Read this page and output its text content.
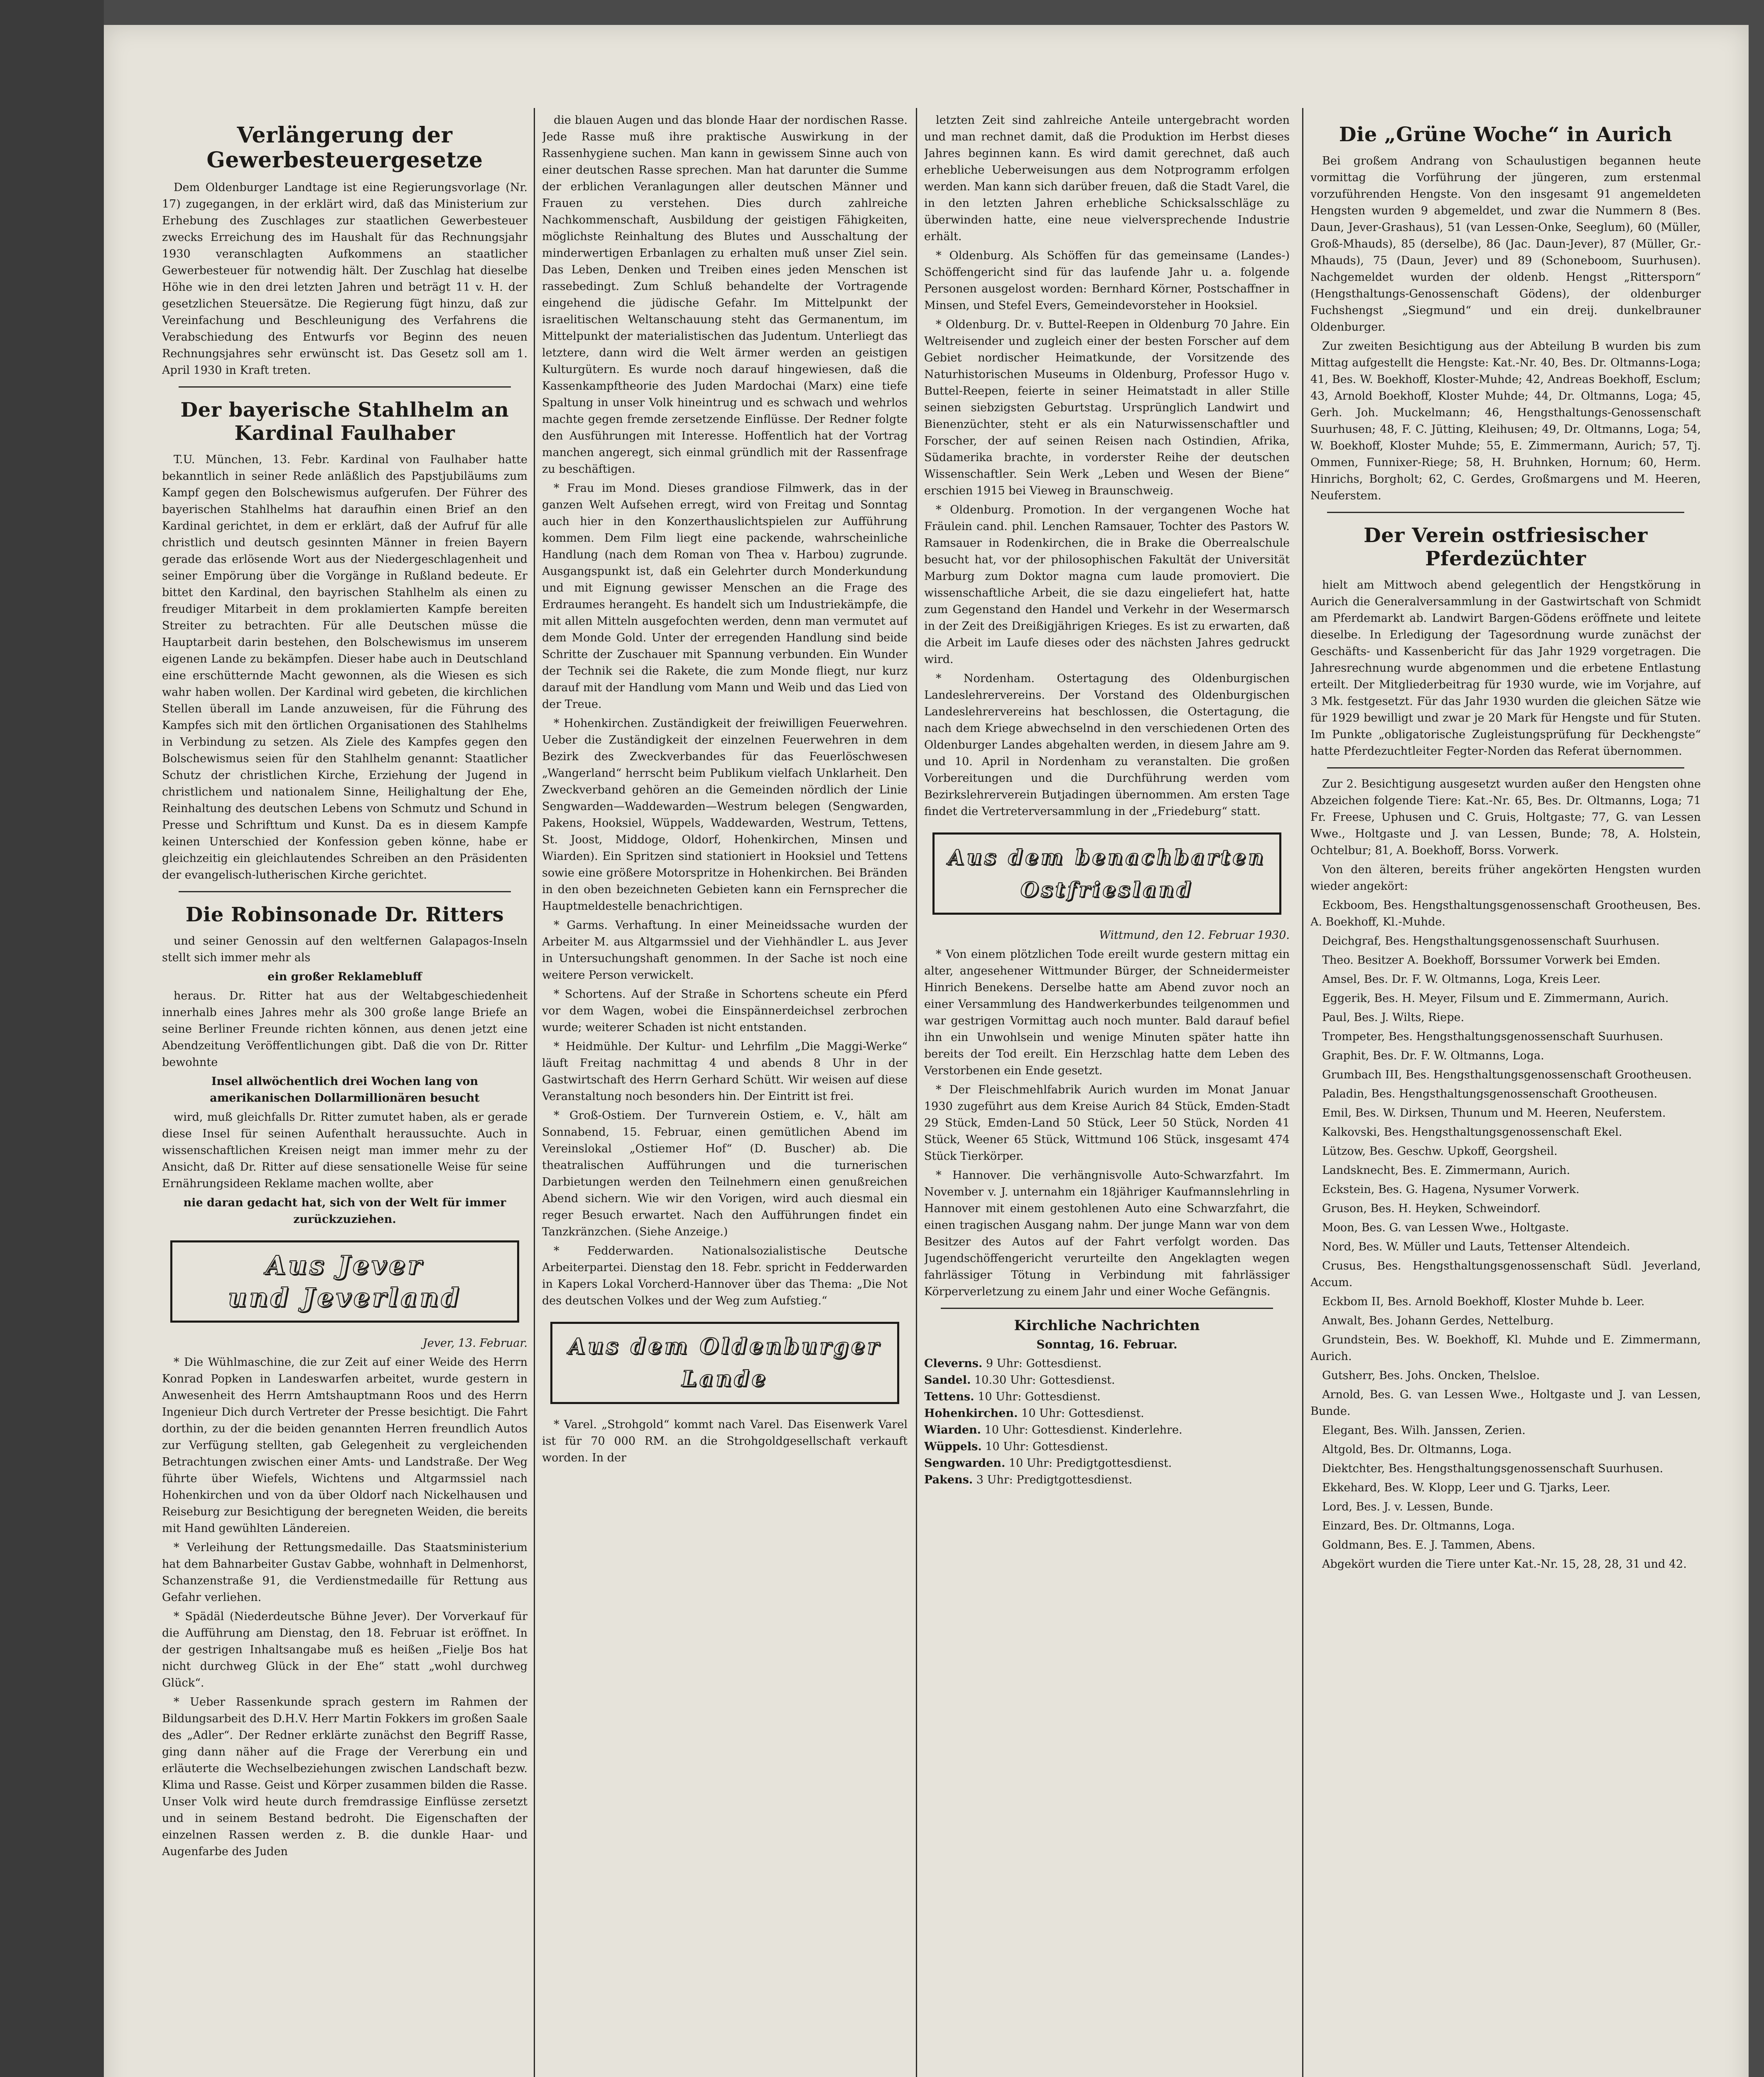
Verlängerung der Gewerbesteuergesetze

Dem Oldenburger Landtage ist eine Regierungsvorlage (Nr. 17) zugegangen, in der erklärt wird, daß das Ministerium zur Erhebung des Zuschlages zur staatlichen Gewerbesteuer zwecks Erreichung des im Haushalt für das Rechnungsjahr 1930 veranschlagten Aufkommens an staatlicher Gewerbesteuer für notwendig hält. Der Zuschlag hat dieselbe Höhe wie in den drei letzten Jahren und beträgt 11 v. H. der gesetzlichen Steuersätze. Die Regierung fügt hinzu, daß zur Vereinfachung und Beschleunigung des Verfahrens die Verabschiedung des Entwurfs vor Beginn des neuen Rechnungsjahres sehr erwünscht ist. Das Gesetz soll am 1. April 1930 in Kraft treten.

Der bayerische Stahlhelm an Kardinal Faulhaber

T.U. München, 13. Febr. Kardinal von Faulhaber hatte bekanntlich in seiner Rede anläßlich des Papstjubiläums zum Kampf gegen den Bolschewismus aufgerufen. Der Führer des bayerischen Stahlhelms hat daraufhin einen Brief an den Kardinal gerichtet, in dem er erklärt, daß der Aufruf für alle christlich und deutsch gesinnten Männer in freien Bayern gerade das erlösende Wort aus der Niedergeschlagenheit und seiner Empörung über die Vorgänge in Rußland bedeute. Er bittet den Kardinal, den bayrischen Stahlhelm als einen zu freudiger Mitarbeit in dem proklamierten Kampfe bereiten Streiter zu betrachten. Für alle Deutschen müsse die Hauptarbeit darin bestehen, den Bolschewismus im unserem eigenen Lande zu bekämpfen. Dieser habe auch in Deutschland eine erschütternde Macht gewonnen, als die Wiesen es sich wahr haben wollen. Der Kardinal wird gebeten, die kirchlichen Stellen überall im Lande anzuweisen, für die Führung des Kampfes sich mit den örtlichen Organisationen des Stahlhelms in Verbindung zu setzen. Als Ziele des Kampfes gegen den Bolschewismus seien für den Stahlhelm genannt: Staatlicher Schutz der christlichen Kirche, Erziehung der Jugend in christlichem und nationalem Sinne, Heilighaltung der Ehe, Reinhaltung des deutschen Lebens von Schmutz und Schund in Presse und Schrifttum und Kunst. Da es in diesem Kampfe keinen Unterschied der Konfession geben könne, habe er gleichzeitig ein gleichlautendes Schreiben an den Präsidenten der evangelisch-lutherischen Kirche gerichtet.

Die Robinsonade Dr. Ritters

und seiner Genossin auf den weltfernen Galapagos-Inseln stellt sich immer mehr als

ein großer Reklamebluff

heraus. Dr. Ritter hat aus der Weltabgeschiedenheit innerhalb eines Jahres mehr als 300 große lange Briefe an seine Berliner Freunde richten können, aus denen jetzt eine Abendzeitung Veröffentlichungen gibt. Daß die von Dr. Ritter bewohnte

Insel allwöchentlich drei Wochen lang von amerikanischen Dollarmillionären besucht

wird, muß gleichfalls Dr. Ritter zumutet haben, als er gerade diese Insel für seinen Aufenthalt heraussuchte. Auch in wissenschaftlichen Kreisen neigt man immer mehr zu der Ansicht, daß Dr. Ritter auf diese sensationelle Weise für seine Ernährungsideen Reklame machen wollte, aber

nie daran gedacht hat, sich von der Welt für immer zurückzuziehen.

Aus Jever
und Jeverland

Jever, 13. Februar.

* Die Wühlmaschine, die zur Zeit auf einer Weide des Herrn Konrad Popken in Landeswarfen arbeitet, wurde gestern in Anwesenheit des Herrn Amtshauptmann Roos und des Herrn Ingenieur Dich durch Vertreter der Presse besichtigt. Die Fahrt dorthin, zu der die beiden genannten Herren freundlich Autos zur Verfügung stellten, gab Gelegenheit zu vergleichenden Betrachtungen zwischen einer Amts- und Landstraße. Der Weg führte über Wiefels, Wichtens und Altgarmssiel nach Hohenkirchen und von da über Oldorf nach Nickelhausen und Reiseburg zur Besichtigung der beregneten Weiden, die bereits mit Hand gewühlten Ländereien.

* Verleihung der Rettungsmedaille. Das Staatsministerium hat dem Bahnarbeiter Gustav Gabbe, wohnhaft in Delmenhorst, Schanzenstraße 91, die Verdienstmedaille für Rettung aus Gefahr verliehen.

* Spädäl (Niederdeutsche Bühne Jever). Der Vorverkauf für die Aufführung am Dienstag, den 18. Februar ist eröffnet. In der gestrigen Inhaltsangabe muß es heißen „Fielje Bos hat nicht durchweg Glück in der Ehe“ statt „wohl durchweg Glück“.

* Ueber Rassenkunde sprach gestern im Rahmen der Bildungsarbeit des D.H.V. Herr Martin Fokkers im großen Saale des „Adler“. Der Redner erklärte zunächst den Begriff Rasse, ging dann näher auf die Frage der Vererbung ein und erläuterte die Wechselbeziehungen zwischen Landschaft bezw. Klima und Rasse. Geist und Körper zusammen bilden die Rasse. Unser Volk wird heute durch fremdrassige Einflüsse zersetzt und in seinem Bestand bedroht. Die Eigenschaften der einzelnen Rassen werden z. B. die dunkle Haar- und Augenfarbe des Juden

die blauen Augen und das blonde Haar der nordischen Rasse. Jede Rasse muß ihre praktische Auswirkung in der Rassenhygiene suchen. Man kann in gewissem Sinne auch von einer deutschen Rasse sprechen. Man hat darunter die Summe der erblichen Veranlagungen aller deutschen Männer und Frauen zu verstehen. Dies durch zahlreiche Nachkommenschaft, Ausbildung der geistigen Fähigkeiten, möglichste Reinhaltung des Blutes und Ausschaltung der minderwertigen Erbanlagen zu erhalten muß unser Ziel sein. Das Leben, Denken und Treiben eines jeden Menschen ist rassebedingt. Zum Schluß behandelte der Vortragende eingehend die jüdische Gefahr. Im Mittelpunkt der israelitischen Weltanschauung steht das Germanentum, im Mittelpunkt der materialistischen das Judentum. Unterliegt das letztere, dann wird die Welt ärmer werden an geistigen Kulturgütern. Es wurde noch darauf hingewiesen, daß die Kassenkampftheorie des Juden Mardochai (Marx) eine tiefe Spaltung in unser Volk hineintrug und es schwach und wehrlos machte gegen fremde zersetzende Einflüsse. Der Redner folgte den Ausführungen mit Interesse. Hoffentlich hat der Vortrag manchen angeregt, sich einmal gründlich mit der Rassenfrage zu beschäftigen.

* Frau im Mond. Dieses grandiose Filmwerk, das in der ganzen Welt Aufsehen erregt, wird von Freitag und Sonntag auch hier in den Konzerthauslichtspielen zur Aufführung kommen. Dem Film liegt eine packende, wahrscheinliche Handlung (nach dem Roman von Thea v. Harbou) zugrunde. Ausgangspunkt ist, daß ein Gelehrter durch Monderkundung und mit Eignung gewisser Menschen an die Frage des Erdraumes herangeht. Es handelt sich um Industriekämpfe, die mit allen Mitteln ausgefochten werden, denn man vermutet auf dem Monde Gold. Unter der erregenden Handlung sind beide Schritte der Zuschauer mit Spannung verbunden. Ein Wunder der Technik sei die Rakete, die zum Monde fliegt, nur kurz darauf mit der Handlung vom Mann und Weib und das Lied von der Treue.

* Hohenkirchen. Zuständigkeit der freiwilligen Feuerwehren. Ueber die Zuständigkeit der einzelnen Feuerwehren in dem Bezirk des Zweckverbandes für das Feuerlöschwesen „Wangerland“ herrscht beim Publikum vielfach Unklarheit. Den Zweckverband gehören an die Gemeinden nördlich der Linie Sengwarden—Waddewarden—Westrum belegen (Sengwarden, Pakens, Hooksiel, Wüppels, Waddewarden, Westrum, Tettens, St. Joost, Middoge, Oldorf, Hohenkirchen, Minsen und Wiarden). Ein Spritzen sind stationiert in Hooksiel und Tettens sowie eine größere Motorspritze in Hohenkirchen. Bei Bränden in den oben bezeichneten Gebieten kann ein Fernsprecher die Hauptmeldestelle benachrichtigen.

* Garms. Verhaftung. In einer Meineidssache wurden der Arbeiter M. aus Altgarmssiel und der Viehhändler L. aus Jever in Untersuchungshaft genommen. In der Sache ist noch eine weitere Person verwickelt.

* Schortens. Auf der Straße in Schortens scheute ein Pferd vor dem Wagen, wobei die Einspännerdeichsel zerbrochen wurde; weiterer Schaden ist nicht entstanden.

* Heidmühle. Der Kultur- und Lehrfilm „Die Maggi-Werke“ läuft Freitag nachmittag 4 und abends 8 Uhr in der Gastwirtschaft des Herrn Gerhard Schütt. Wir weisen auf diese Veranstaltung noch besonders hin. Der Eintritt ist frei.

* Groß-Ostiem. Der Turnverein Ostiem, e. V., hält am Sonnabend, 15. Februar, einen gemütlichen Abend im Vereinslokal „Ostiemer Hof“ (D. Buscher) ab. Die theatralischen Aufführungen und die turnerischen Darbietungen werden den Teilnehmern einen genußreichen Abend sichern. Wie wir den Vorigen, wird auch diesmal ein reger Besuch erwartet. Nach den Aufführungen findet ein Tanzkränzchen. (Siehe Anzeige.)

* Fedderwarden. Nationalsozialistische Deutsche Arbeiterpartei. Dienstag den 18. Febr. spricht in Fedderwarden in Kapers Lokal Vorcherd-Hannover über das Thema: „Die Not des deutschen Volkes und der Weg zum Aufstieg.“

Aus dem Oldenburger
Lande

* Varel. „Strohgold“ kommt nach Varel. Das Eisenwerk Varel ist für 70 000 RM. an die Strohgoldgesellschaft verkauft worden. In der

letzten Zeit sind zahlreiche Anteile untergebracht worden und man rechnet damit, daß die Produktion im Herbst dieses Jahres beginnen kann. Es wird damit gerechnet, daß auch erhebliche Ueberweisungen aus dem Notprogramm erfolgen werden. Man kann sich darüber freuen, daß die Stadt Varel, die in den letzten Jahren erhebliche Schicksalsschläge zu überwinden hatte, eine neue vielversprechende Industrie erhält.

* Oldenburg. Als Schöffen für das gemeinsame (Landes-) Schöffengericht sind für das laufende Jahr u. a. folgende Personen ausgelost worden: Bernhard Körner, Postschaffner in Minsen, und Stefel Evers, Gemeindevorsteher in Hooksiel.

* Oldenburg. Dr. v. Buttel-Reepen in Oldenburg 70 Jahre. Ein Weltreisender und zugleich einer der besten Forscher auf dem Gebiet nordischer Heimatkunde, der Vorsitzende des Naturhistorischen Museums in Oldenburg, Professor Hugo v. Buttel-Reepen, feierte in seiner Heimatstadt in aller Stille seinen siebzigsten Geburtstag. Ursprünglich Landwirt und Bienenzüchter, steht er als ein Naturwissenschaftler und Forscher, der auf seinen Reisen nach Ostindien, Afrika, Südamerika brachte, in vorderster Reihe der deutschen Wissenschaftler. Sein Werk „Leben und Wesen der Biene“ erschien 1915 bei Vieweg in Braunschweig.

* Oldenburg. Promotion. In der vergangenen Woche hat Fräulein cand. phil. Lenchen Ramsauer, Tochter des Pastors W. Ramsauer in Rodenkirchen, die in Brake die Oberrealschule besucht hat, vor der philosophischen Fakultät der Universität Marburg zum Doktor magna cum laude promoviert. Die wissenschaftliche Arbeit, die sie dazu eingeliefert hat, hatte zum Gegenstand den Handel und Verkehr in der Wesermarsch in der Zeit des Dreißigjährigen Krieges. Es ist zu erwarten, daß die Arbeit im Laufe dieses oder des nächsten Jahres gedruckt wird.

* Nordenham. Ostertagung des Oldenburgischen Landeslehrervereins. Der Vorstand des Oldenburgischen Landeslehrervereins hat beschlossen, die Ostertagung, die nach dem Kriege abwechselnd in den verschiedenen Orten des Oldenburger Landes abgehalten werden, in diesem Jahre am 9. und 10. April in Nordenham zu veranstalten. Die großen Vorbereitungen und die Durchführung werden vom Bezirkslehrerverein Butjadingen übernommen. Am ersten Tage findet die Vertreterversammlung in der „Friedeburg“ statt.

Aus dem benachbarten
Ostfriesland

Wittmund, den 12. Februar 1930.

* Von einem plötzlichen Tode ereilt wurde gestern mittag ein alter, angesehener Wittmunder Bürger, der Schneidermeister Hinrich Benekens. Derselbe hatte am Abend zuvor noch an einer Versammlung des Handwerkerbundes teilgenommen und war gestrigen Vormittag auch noch munter. Bald darauf befiel ihn ein Unwohlsein und wenige Minuten später hatte ihn bereits der Tod ereilt. Ein Herzschlag hatte dem Leben des Verstorbenen ein Ende gesetzt.

* Der Fleischmehlfabrik Aurich wurden im Monat Januar 1930 zugeführt aus dem Kreise Aurich 84 Stück, Emden-Stadt 29 Stück, Emden-Land 50 Stück, Leer 50 Stück, Norden 41 Stück, Weener 65 Stück, Wittmund 106 Stück, insgesamt 474 Stück Tierkörper.

* Hannover. Die verhängnisvolle Auto-Schwarzfahrt. Im November v. J. unternahm ein 18jähriger Kaufmannslehrling in Hannover mit einem gestohlenen Auto eine Schwarzfahrt, die einen tragischen Ausgang nahm. Der junge Mann war von dem Besitzer des Autos auf der Fahrt verfolgt worden. Das Jugendschöffengericht verurteilte den Angeklagten wegen fahrlässiger Tötung in Verbindung mit fahrlässiger Körperverletzung zu einem Jahr und einer Woche Gefängnis.

Kirchliche Nachrichten

Sonntag, 16. Februar.

Cleverns. 9 Uhr: Gottesdienst.

Sandel. 10.30 Uhr: Gottesdienst.

Tettens. 10 Uhr: Gottesdienst.

Hohenkirchen. 10 Uhr: Gottesdienst.

Wiarden. 10 Uhr: Gottesdienst. Kinderlehre.

Wüppels. 10 Uhr: Gottesdienst.

Sengwarden. 10 Uhr: Predigtgottesdienst.

Pakens. 3 Uhr: Predigtgottesdienst.

Die „Grüne Woche“ in Aurich

Bei großem Andrang von Schaulustigen begannen heute vormittag die Vorführung der jüngeren, zum erstenmal vorzuführenden Hengste. Von den insgesamt 91 angemeldeten Hengsten wurden 9 abgemeldet, und zwar die Nummern 8 (Bes. Daun, Jever-Grashaus), 51 (van Lessen-Onke, Seeglum), 60 (Müller, Groß-Mhauds), 85 (derselbe), 86 (Jac. Daun-Jever), 87 (Müller, Gr.-Mhauds), 75 (Daun, Jever) und 89 (Schoneboom, Suurhusen). Nachgemeldet wurden der oldenb. Hengst „Rittersporn“ (Hengsthaltungs-Genossenschaft Gödens), der oldenburger Fuchshengst „Siegmund“ und ein dreij. dunkelbrauner Oldenburger.

Zur zweiten Besichtigung aus der Abteilung B wurden bis zum Mittag aufgestellt die Hengste: Kat.-Nr. 40, Bes. Dr. Oltmanns-Loga; 41, Bes. W. Boekhoff, Kloster-Muhde; 42, Andreas Boekhoff, Esclum; 43, Arnold Boekhoff, Kloster Muhde; 44, Dr. Oltmanns, Loga; 45, Gerh. Joh. Muckelmann; 46, Hengsthaltungs-Genossenschaft Suurhusen; 48, F. C. Jütting, Kleihusen; 49, Dr. Oltmanns, Loga; 54, W. Boekhoff, Kloster Muhde; 55, E. Zimmermann, Aurich; 57, Tj. Ommen, Funnixer-Riege; 58, H. Bruhnken, Hornum; 60, Herm. Hinrichs, Borgholt; 62, C. Gerdes, Großmargens und M. Heeren, Neuferstem.

Der Verein ostfriesischer Pferdezüchter

hielt am Mittwoch abend gelegentlich der Hengstkörung in Aurich die Generalversammlung in der Gastwirtschaft von Schmidt am Pferdemarkt ab. Landwirt Bargen-Gödens eröffnete und leitete dieselbe. In Erledigung der Tagesordnung wurde zunächst der Geschäfts- und Kassenbericht für das Jahr 1929 vorgetragen. Die Jahresrechnung wurde abgenommen und die erbetene Entlastung erteilt. Der Mitgliederbeitrag für 1930 wurde, wie im Vorjahre, auf 3 Mk. festgesetzt. Für das Jahr 1930 wurden die gleichen Sätze wie für 1929 bewilligt und zwar je 20 Mark für Hengste und für Stuten. Im Punkte „obligatorische Zugleistungsprüfung für Deckhengste“ hatte Pferdezuchtleiter Fegter-Norden das Referat übernommen.

Zur 2. Besichtigung ausgesetzt wurden außer den Hengsten ohne Abzeichen folgende Tiere: Kat.-Nr. 65, Bes. Dr. Oltmanns, Loga; 71 Fr. Freese, Uphusen und C. Gruis, Holtgaste; 77, G. van Lessen Wwe., Holtgaste und J. van Lessen, Bunde; 78, A. Holstein, Ochtelbur; 81, A. Boekhoff, Borss. Vorwerk.

Von den älteren, bereits früher angekörten Hengsten wurden wieder angekört:

Eckboom, Bes. Hengsthaltungsgenossenschaft Grootheusen, Bes. A. Boekhoff, Kl.-Muhde.

Deichgraf, Bes. Hengsthaltungsgenossenschaft Suurhusen.

Theo. Besitzer A. Boekhoff, Borssumer Vorwerk bei Emden.

Amsel, Bes. Dr. F. W. Oltmanns, Loga, Kreis Leer.

Eggerik, Bes. H. Meyer, Filsum und E. Zimmermann, Aurich.

Paul, Bes. J. Wilts, Riepe.

Trompeter, Bes. Hengsthaltungsgenossenschaft Suurhusen.

Graphit, Bes. Dr. F. W. Oltmanns, Loga.

Grumbach III, Bes. Hengsthaltungsgenossenschaft Grootheusen.

Paladin, Bes. Hengsthaltungsgenossenschaft Grootheusen.

Emil, Bes. W. Dirksen, Thunum und M. Heeren, Neuferstem.

Kalkovski, Bes. Hengsthaltungsgenossenschaft Ekel.

Lützow, Bes. Geschw. Upkoff, Georgsheil.

Landsknecht, Bes. E. Zimmermann, Aurich.

Eckstein, Bes. G. Hagena, Nysumer Vorwerk.

Gruson, Bes. H. Heyken, Schweindorf.

Moon, Bes. G. van Lessen Wwe., Holtgaste.

Nord, Bes. W. Müller und Lauts, Tettenser Altendeich.

Crusus, Bes. Hengsthaltungsgenossenschaft Südl. Jeverland, Accum.

Eckbom II, Bes. Arnold Boekhoff, Kloster Muhde b. Leer.

Anwalt, Bes. Johann Gerdes, Nettelburg.

Grundstein, Bes. W. Boekhoff, Kl. Muhde und E. Zimmermann, Aurich.

Gutsherr, Bes. Johs. Oncken, Thelsloe.

Arnold, Bes. G. van Lessen Wwe., Holtgaste und J. van Lessen, Bunde.

Elegant, Bes. Wilh. Janssen, Zerien.

Altgold, Bes. Dr. Oltmanns, Loga.

Diektchter, Bes. Hengsthaltungsgenossenschaft Suurhusen.

Ekkehard, Bes. W. Klopp, Leer und G. Tjarks, Leer.

Lord, Bes. J. v. Lessen, Bunde.

Einzard, Bes. Dr. Oltmanns, Loga.

Goldmann, Bes. E. J. Tammen, Abens.

Abgekört wurden die Tiere unter Kat.-Nr. 15, 28, 28, 31 und 42.
